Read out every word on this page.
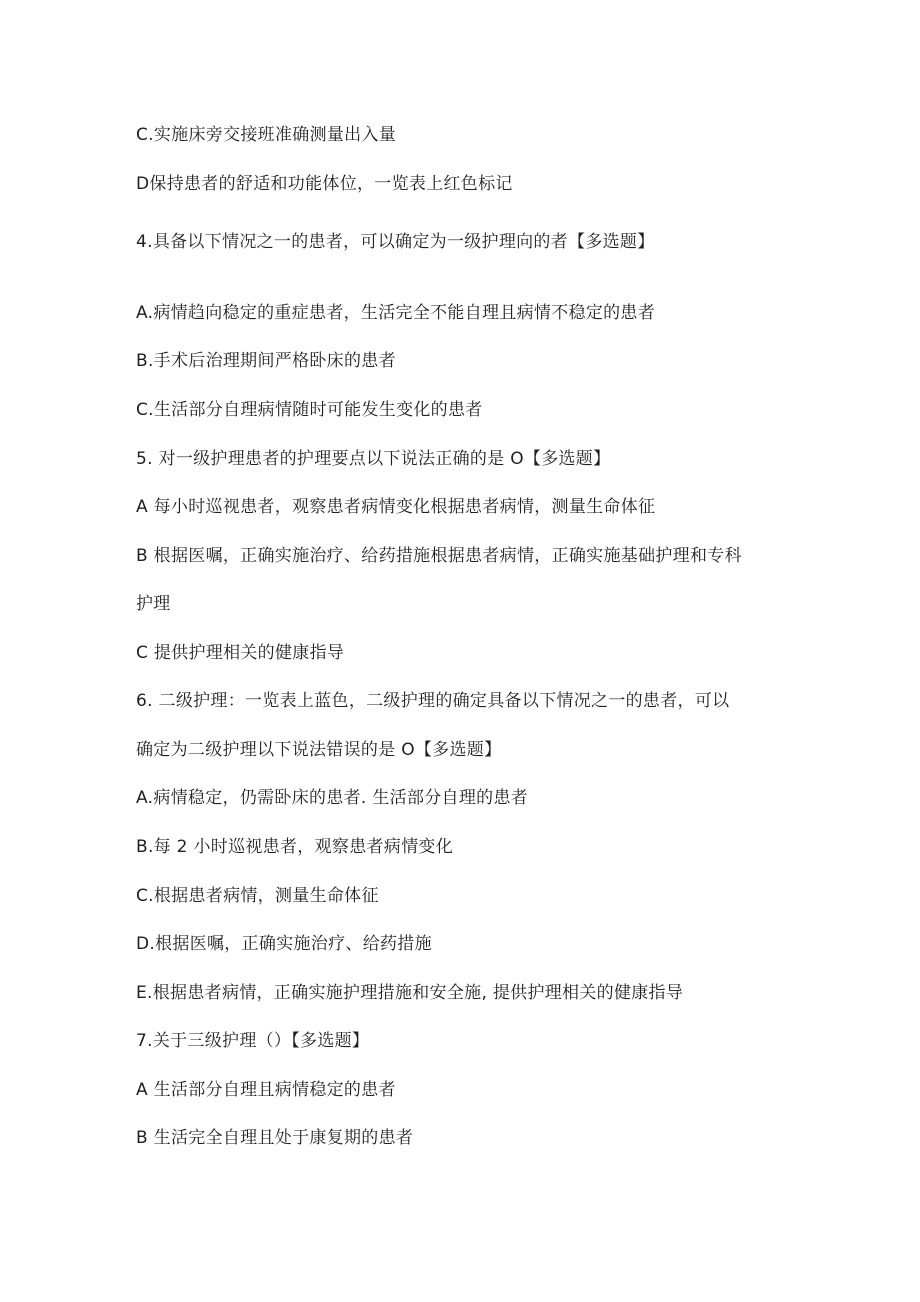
C.实施床旁交接班准确测量出入量
D保持患者的舒适和功能体位，一览表上红色标记
4.具备以下情况之一的患者，可以确定为一级护理向的者【多选题】
A.病情趋向稳定的重症患者，生活完全不能自理且病情不稳定的患者
B.手术后治理期间严格卧床的患者
C.生活部分自理病情随时可能发生变化的患者
5. 对一级护理患者的护理要点以下说法正确的是 O【多选题】
A 每小时巡视患者，观察患者病情变化根据患者病情，测量生命体征
B 根据医嘱，正确实施治疗、给药措施根据患者病情，正确实施基础护理和专科
护理
C 提供护理相关的健康指导
6. 二级护理：一览表上蓝色，二级护理的确定具备以下情况之一的患者，可以
确定为二级护理以下说法错误的是 O【多选题】
A.病情稳定，仍需卧床的患者. 生活部分自理的患者
B.每 2 小时巡视患者，观察患者病情变化
C.根据患者病情，测量生命体征
D.根据医嘱，正确实施治疗、给药措施
E.根据患者病情，正确实施护理措施和安全施, 提供护理相关的健康指导
7.关于三级护理（）【多选题】
A 生活部分自理且病情稳定的患者
B 生活完全自理且处于康复期的患者
